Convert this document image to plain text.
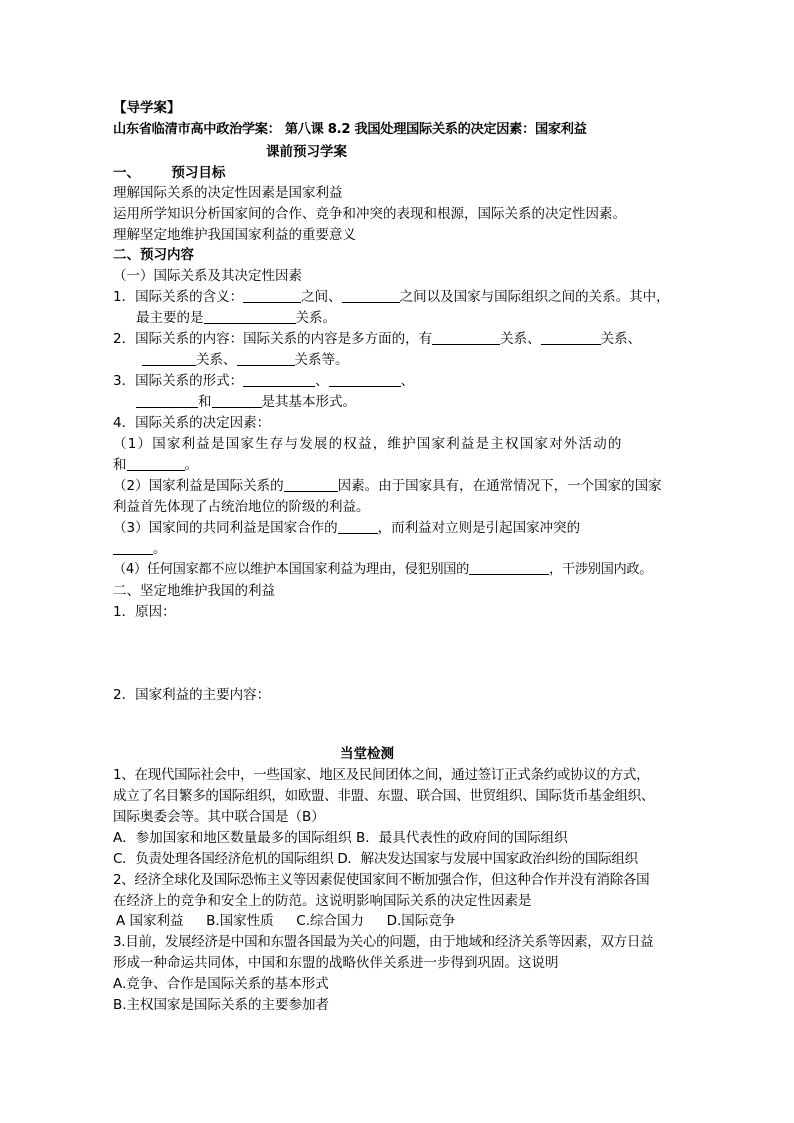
【导学案】
山东省临清市高中政治学案： 第八课 8.2 我国处理国际关系的决定因素：国家利益
课前预习学案
一、 预习目标
理解国际关系的决定性因素是国家利益
运用所学知识分析国家间的合作、竞争和冲突的表现和根源，国际关系的决定性因素。
理解坚定地维护我国国家利益的重要意义
二、预习内容
（一）国际关系及其决定性因素
1．国际关系的含义：	之间、	之间以及国家与国际组织之间的关系。其中，
最主要的是	关系。
2．国际关系的内容：国际关系的内容是多方面的，有	关系、	关系、
关系、	关系等。
3．国际关系的形式：	、	、
和	是其基本形式。
4．国际关系的决定因素：
（1）国家利益是国家生存与发展的权益，维护国家利益是主权国家对外活动的
和	。
（2）国家利益是国际关系的	因素。由于国家具有，在通常情况下，一个国家的国家
利益首先体现了占统治地位的阶级的利益。
（3）国家间的共同利益是国家合作的	，而利益对立则是引起国家冲突的
。
（4）任何国家都不应以维护本国国家利益为理由，侵犯别国的	，干涉别国内政。
二、坚定地维护我国的利益
1．原因：
2．国家利益的主要内容：
当堂检测
1、在现代国际社会中，一些国家、地区及民间团体之间，通过签订正式条约或协议的方式，
成立了名目繁多的国际组织，如欧盟、非盟、东盟、联合国、世贸组织、国际货币基金组织、
国际奥委会等。其中联合国是（B）
A．参加国家和地区数量最多的国际组织 B．最具代表性的政府间的国际组织
C．负责处理各国经济危机的国际组织 D．解决发达国家与发展中国家政治纠纷的国际组织
2、经济全球化及国际恐怖主义等因素促使国家间不断加强合作，但这种合作并没有消除各国
在经济上的竞争和安全上的防范。这说明影响国际关系的决定性因素是
A 国家利益 B.国家性质 C.综合国力 D.国际竞争
3.目前，发展经济是中国和东盟各国最为关心的问题，由于地域和经济关系等因素，双方日益
形成一种命运共同体，中国和东盟的战略伙伴关系进一步得到巩固。这说明
A.竞争、合作是国际关系的基本形式
B.主权国家是国际关系的主要参加者
